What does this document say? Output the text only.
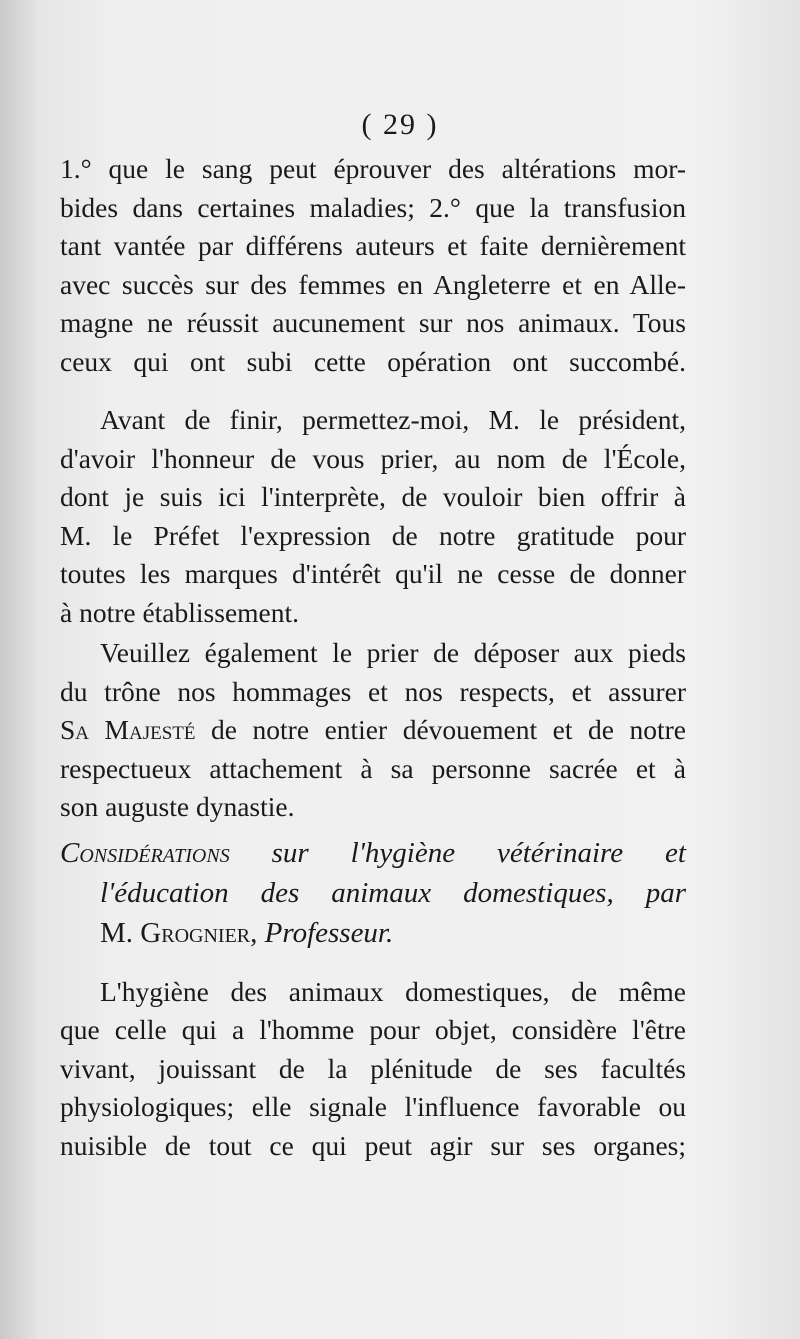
( 29 )
1.° que le sang peut éprouver des altérations mor-
bides dans certaines maladies; 2.° que la transfusion
tant vantée par différens auteurs et faite dernièrement
avec succès sur des femmes en Angleterre et en Alle-
magne ne réussit aucunement sur nos animaux. Tous
ceux qui ont subi cette opération ont succombé.
Avant de finir, permettez-moi, M. le président,
d'avoir l'honneur de vous prier, au nom de l'École,
dont je suis ici l'interprète, de vouloir bien offrir à
M. le Préfet l'expression de notre gratitude pour
toutes les marques d'intérêt qu'il ne cesse de donner
à notre établissement.
Veuillez également le prier de déposer aux pieds
du trône nos hommages et nos respects, et assurer
Sa Majesté de notre entier dévouement et de notre
respectueux attachement à sa personne sacrée et à
son auguste dynastie.
Considérations sur l'hygiène vétérinaire et
l'éducation des animaux domestiques, par
M. Grognier, Professeur.
L'hygiène des animaux domestiques, de même
que celle qui a l'homme pour objet, considère l'être
vivant, jouissant de la plénitude de ses facultés
physiologiques; elle signale l'influence favorable ou
nuisible de tout ce qui peut agir sur ses organes;
